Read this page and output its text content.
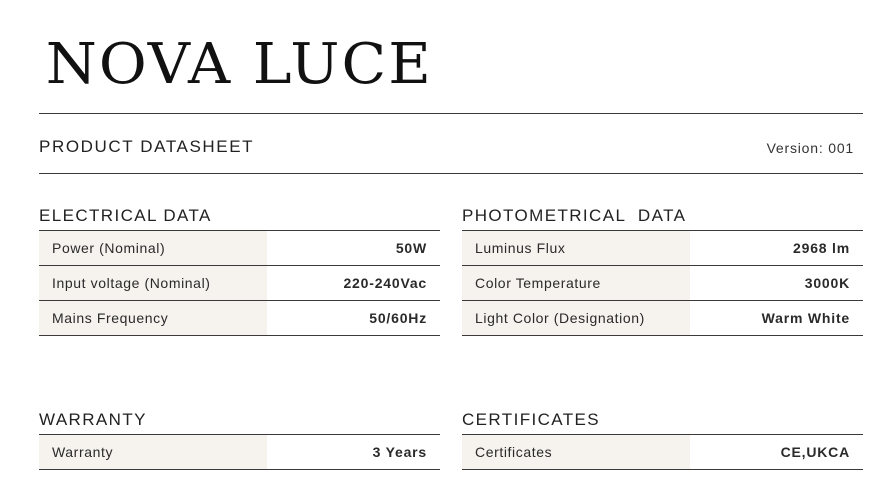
NOVA LUCE
PRODUCT DATASHEET	Version: 001
ELECTRICAL DATA
Power (Nominal)	50W
Input voltage (Nominal)	220-240Vac
Mains Frequency	50/60Hz
PHOTOMETRICAL  DATA
Luminus Flux	2968 lm
Color Temperature	3000K
Light Color (Designation)	Warm White
WARRANTY
Warranty	3 Years
CERTIFICATES
Certificates	CE,UKCA
